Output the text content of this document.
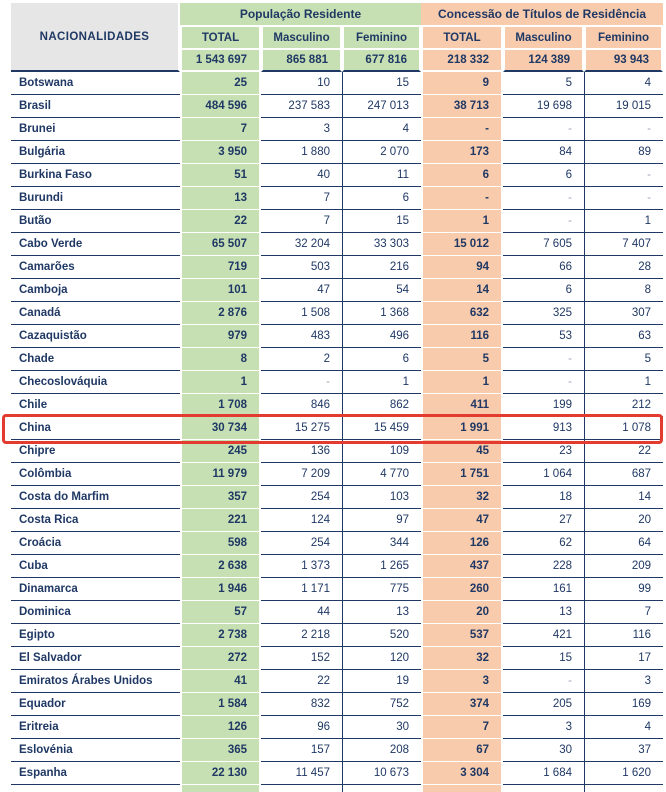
NACIONALIDADES	População Residente			Concessão de Títulos de Residência		
	TOTAL	Masculino	Feminino	TOTAL	Masculino	Feminino
	1 543 697	865 881	677 816	218 332	124 389	93 943
Botswana	25	10	15	9	5	4
Brasil	484 596	237 583	247 013	38 713	19 698	19 015
Brunei	7	3	4	-	-	-
Bulgária	3 950	1 880	2 070	173	84	89
Burkina Faso	51	40	11	6	6	-
Burundi	13	7	6	-	-	-
Butão	22	7	15	1	-	1
Cabo Verde	65 507	32 204	33 303	15 012	7 605	7 407
Camarões	719	503	216	94	66	28
Camboja	101	47	54	14	6	8
Canadá	2 876	1 508	1 368	632	325	307
Cazaquistão	979	483	496	116	53	63
Chade	8	2	6	5	-	5
Checoslováquia	1	-	1	1	-	1
Chile	1 708	846	862	411	199	212
China	30 734	15 275	15 459	1 991	913	1 078
Chipre	245	136	109	45	23	22
Colômbia	11 979	7 209	4 770	1 751	1 064	687
Costa do Marfim	357	254	103	32	18	14
Costa Rica	221	124	97	47	27	20
Croácia	598	254	344	126	62	64
Cuba	2 638	1 373	1 265	437	228	209
Dinamarca	1 946	1 171	775	260	161	99
Dominica	57	44	13	20	13	7
Egipto	2 738	2 218	520	537	421	116
El Salvador	272	152	120	32	15	17
Emiratos Árabes Unidos	41	22	19	3	-	3
Equador	1 584	832	752	374	205	169
Eritreia	126	96	30	7	3	4
Eslovénia	365	157	208	67	30	37
Espanha	22 130	11 457	10 673	3 304	1 684	1 620
